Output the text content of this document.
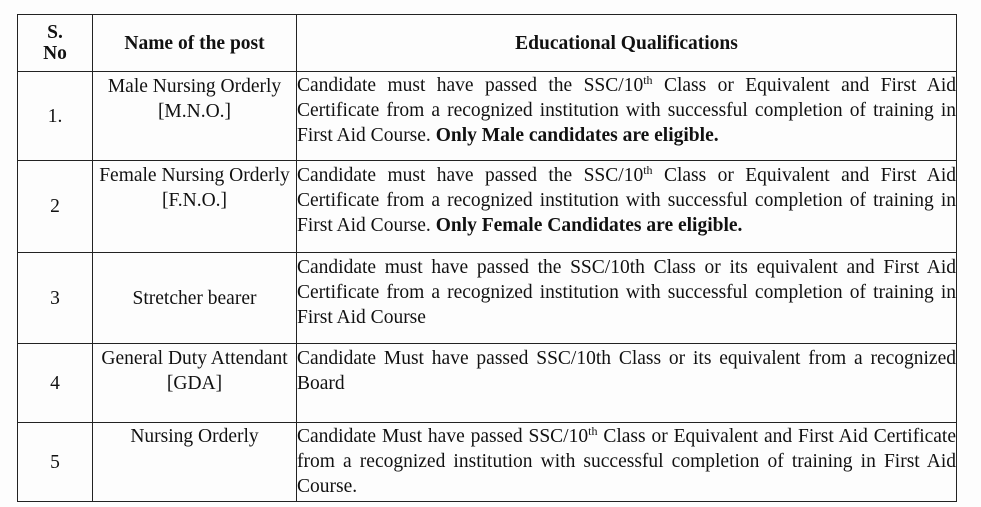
S. No	Name of the post	Educational Qualifications
1.	Male Nursing Orderly [M.N.O.]	Candidate must have passed the SSC/10th Class or Equivalent and First Aid Certificate from a recognized institution with successful completion of training in First Aid Course. Only Male candidates are eligible.
2	Female Nursing Orderly [F.N.O.]	Candidate must have passed the SSC/10th Class or Equivalent and First Aid Certificate from a recognized institution with successful completion of training in First Aid Course. Only Female Candidates are eligible.
3	Stretcher bearer	Candidate must have passed the SSC/10th Class or its equivalent and First Aid Certificate from a recognized institution with successful completion of training in First Aid Course
4	General Duty Attendant [GDA]	Candidate Must have passed SSC/10th Class or its equivalent from a recognized Board
5	Nursing Orderly	Candidate Must have passed SSC/10th Class or Equivalent and First Aid Certificate from a recognized institution with successful completion of training in First Aid Course.
